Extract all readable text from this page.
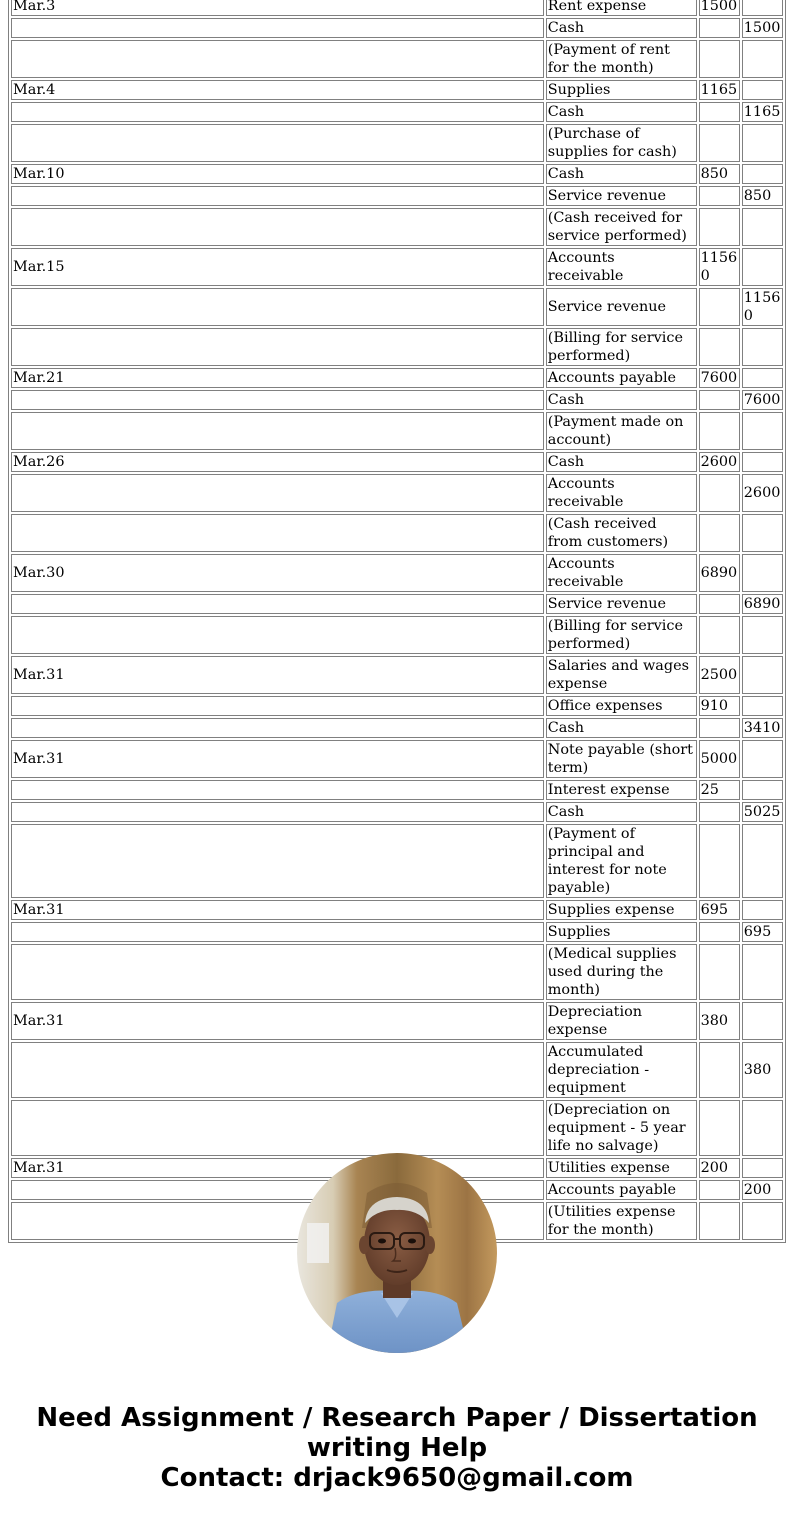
Mar.3	Rent expense	1500	
	Cash		1500
	(Payment of rent for the month)		
Mar.4	Supplies	1165	
	Cash		1165
	(Purchase of supplies for cash)		
Mar.10	Cash	850	
	Service revenue		850
	(Cash received for service performed)		
Mar.15	Accounts receivable	11560	
	Service revenue		11560
	(Billing for service performed)		
Mar.21	Accounts payable	7600	
	Cash		7600
	(Payment made on account)		
Mar.26	Cash	2600	
	Accounts receivable		2600
	(Cash received from customers)		
Mar.30	Accounts receivable	6890	
	Service revenue		6890
	(Billing for service performed)		
Mar.31	Salaries and wages expense	2500	
	Office expenses	910	
	Cash		3410
Mar.31	Note payable (short term)	5000	
	Interest expense	25	
	Cash		5025
	(Payment of principal and interest for note payable)		
Mar.31	Supplies expense	695	
	Supplies		695
	(Medical supplies used during the month)		
Mar.31	Depreciation expense	380	
	Accumulated depreciation - equipment		380
	(Depreciation on equipment - 5 year life no salvage)		
Mar.31	Utilities expense	200	
	Accounts payable		200
	(Utilities expense for the month)		
Need Assignment / Research Paper / Dissertation
writing Help
Contact: drjack9650@gmail.com
